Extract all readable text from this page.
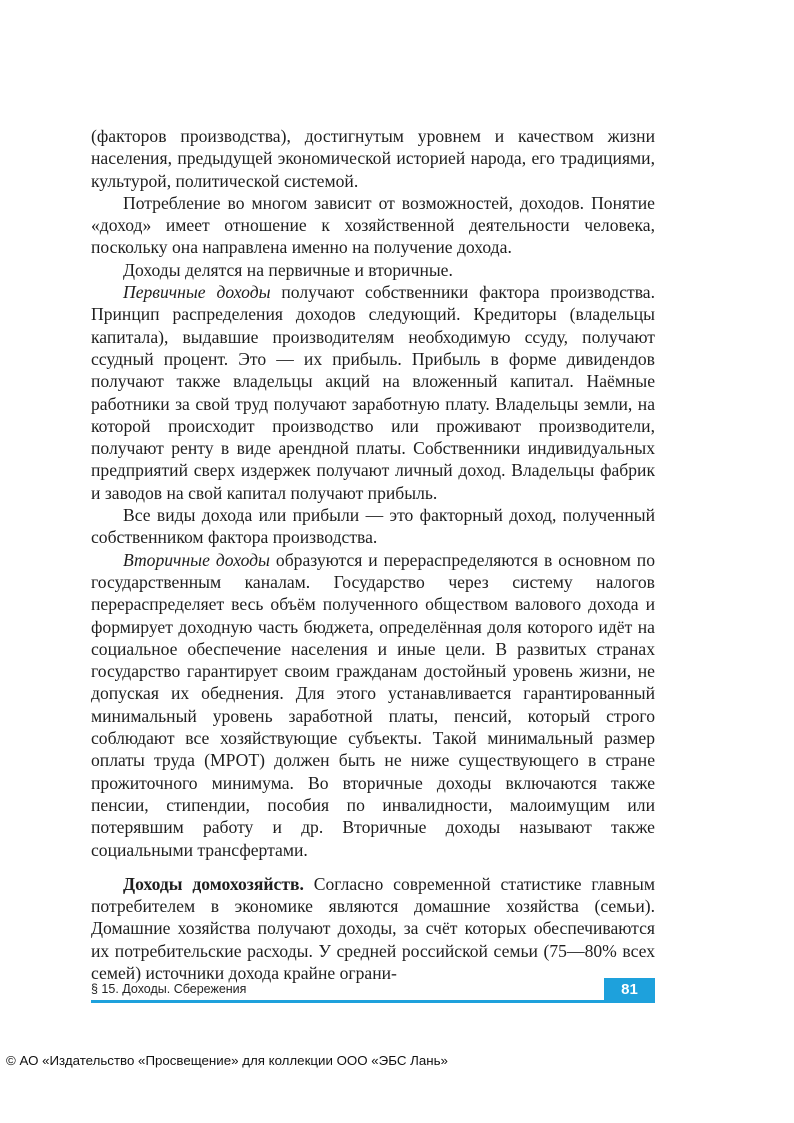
(факторов производства), достигнутым уровнем и качеством жизни населения, предыдущей экономической историей народа, его традициями, культурой, политической системой.

Потребление во многом зависит от возможностей, доходов. Понятие «доход» имеет отношение к хозяйственной деятельности человека, поскольку она направлена именно на получение дохода.

Доходы делятся на первичные и вторичные.

Первичные доходы получают собственники фактора производства. Принцип распределения доходов следующий. Кредиторы (владельцы капитала), выдавшие производителям необходимую ссуду, получают ссудный процент. Это — их прибыль. Прибыль в форме дивидендов получают также владельцы акций на вложенный капитал. Наёмные работники за свой труд получают заработную плату. Владельцы земли, на которой происходит производство или проживают производители, получают ренту в виде арендной платы. Собственники индивидуальных предприятий сверх издержек получают личный доход. Владельцы фабрик и заводов на свой капитал получают прибыль.

Все виды дохода или прибыли — это факторный доход, полученный собственником фактора производства.

Вторичные доходы образуются и перераспределяются в основном по государственным каналам. Государство через систему налогов перераспределяет весь объём полученного обществом валового дохода и формирует доходную часть бюджета, определённая доля которого идёт на социальное обеспечение населения и иные цели. В развитых странах государство гарантирует своим гражданам достойный уровень жизни, не допуская их обеднения. Для этого устанавливается гарантированный минимальный уровень заработной платы, пенсий, который строго соблюдают все хозяйствующие субъекты. Такой минимальный размер оплаты труда (МРОТ) должен быть не ниже существующего в стране прожиточного минимума. Во вторичные доходы включаются также пенсии, стипендии, пособия по инвалидности, малоимущим или потерявшим работу и др. Вторичные доходы называют также социальными трансфертами.

Доходы домохозяйств. Согласно современной статистике главным потребителем в экономике являются домашние хозяйства (семьи). Домашние хозяйства получают доходы, за счёт которых обеспечиваются их потребительские расходы. У средней российской семьи (75—80% всех семей) источники дохода крайне ограни-

§ 15. Доходы. Сбережения	81
© АО «Издательство «Просвещение» для коллекции ООО «ЭБС Лань»
